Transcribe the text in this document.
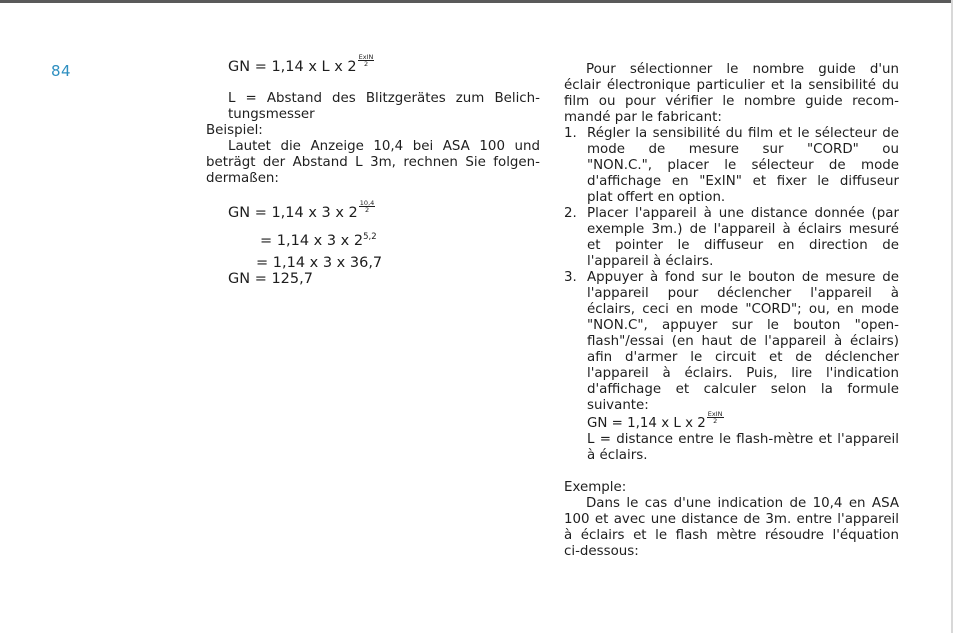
84	GN = 1,14 x L x $2 \frac{\text{ExIN}}{2}$
L = Abstand des Blitzgerätes zum Belich-
tungsmesser
Beispiel:
Lautet die Anzeige 10,4 bei ASA 100 und
beträgt der Abstand L 3m, rechnen Sie folgen-
dermaßen:
GN = 1,14 x 3 x $2 \frac{10,4}{2}$
= 1,14 x 3 x $2^{5,2}$
= 1,14 x 3 x 36,7
GN = 125,7
Pour sélectionner le nombre guide d'un
éclair électronique particulier et la sensibilité du
film ou pour vérifier le nombre guide recom-
mandé par le fabricant:
1. Régler la sensibilité du film et le sélecteur de
mode de mesure sur "CORD" ou
"NON.C.", placer le sélecteur de mode
d'affichage en "ExIN" et fixer le diffuseur
plat offert en option.
2. Placer l'appareil à une distance donnée (par
exemple 3m.) de l'appareil à éclairs mesuré
et pointer le diffuseur en direction de
l'appareil à éclairs.
3. Appuyer à fond sur le bouton de mesure de
l'appareil pour déclencher l'appareil à
éclairs, ceci en mode "CORD"; ou, en mode
"NON.C", appuyer sur le bouton "open-
flash"/essai (en haut de l'appareil à éclairs)
afin d'armer le circuit et de déclencher
l'appareil à éclairs. Puis, lire l'indication
d'affichage et calculer selon la formule
suivante:
GN = 1,14 x L x $2 \frac{\text{ExIN}}{2}$
L = distance entre le flash-mètre et l'appareil
à éclairs.
Exemple:
Dans le cas d'une indication de 10,4 en ASA
100 et avec une distance de 3m. entre l'appareil
à éclairs et le flash mètre résoudre l'équation
ci-dessous:
